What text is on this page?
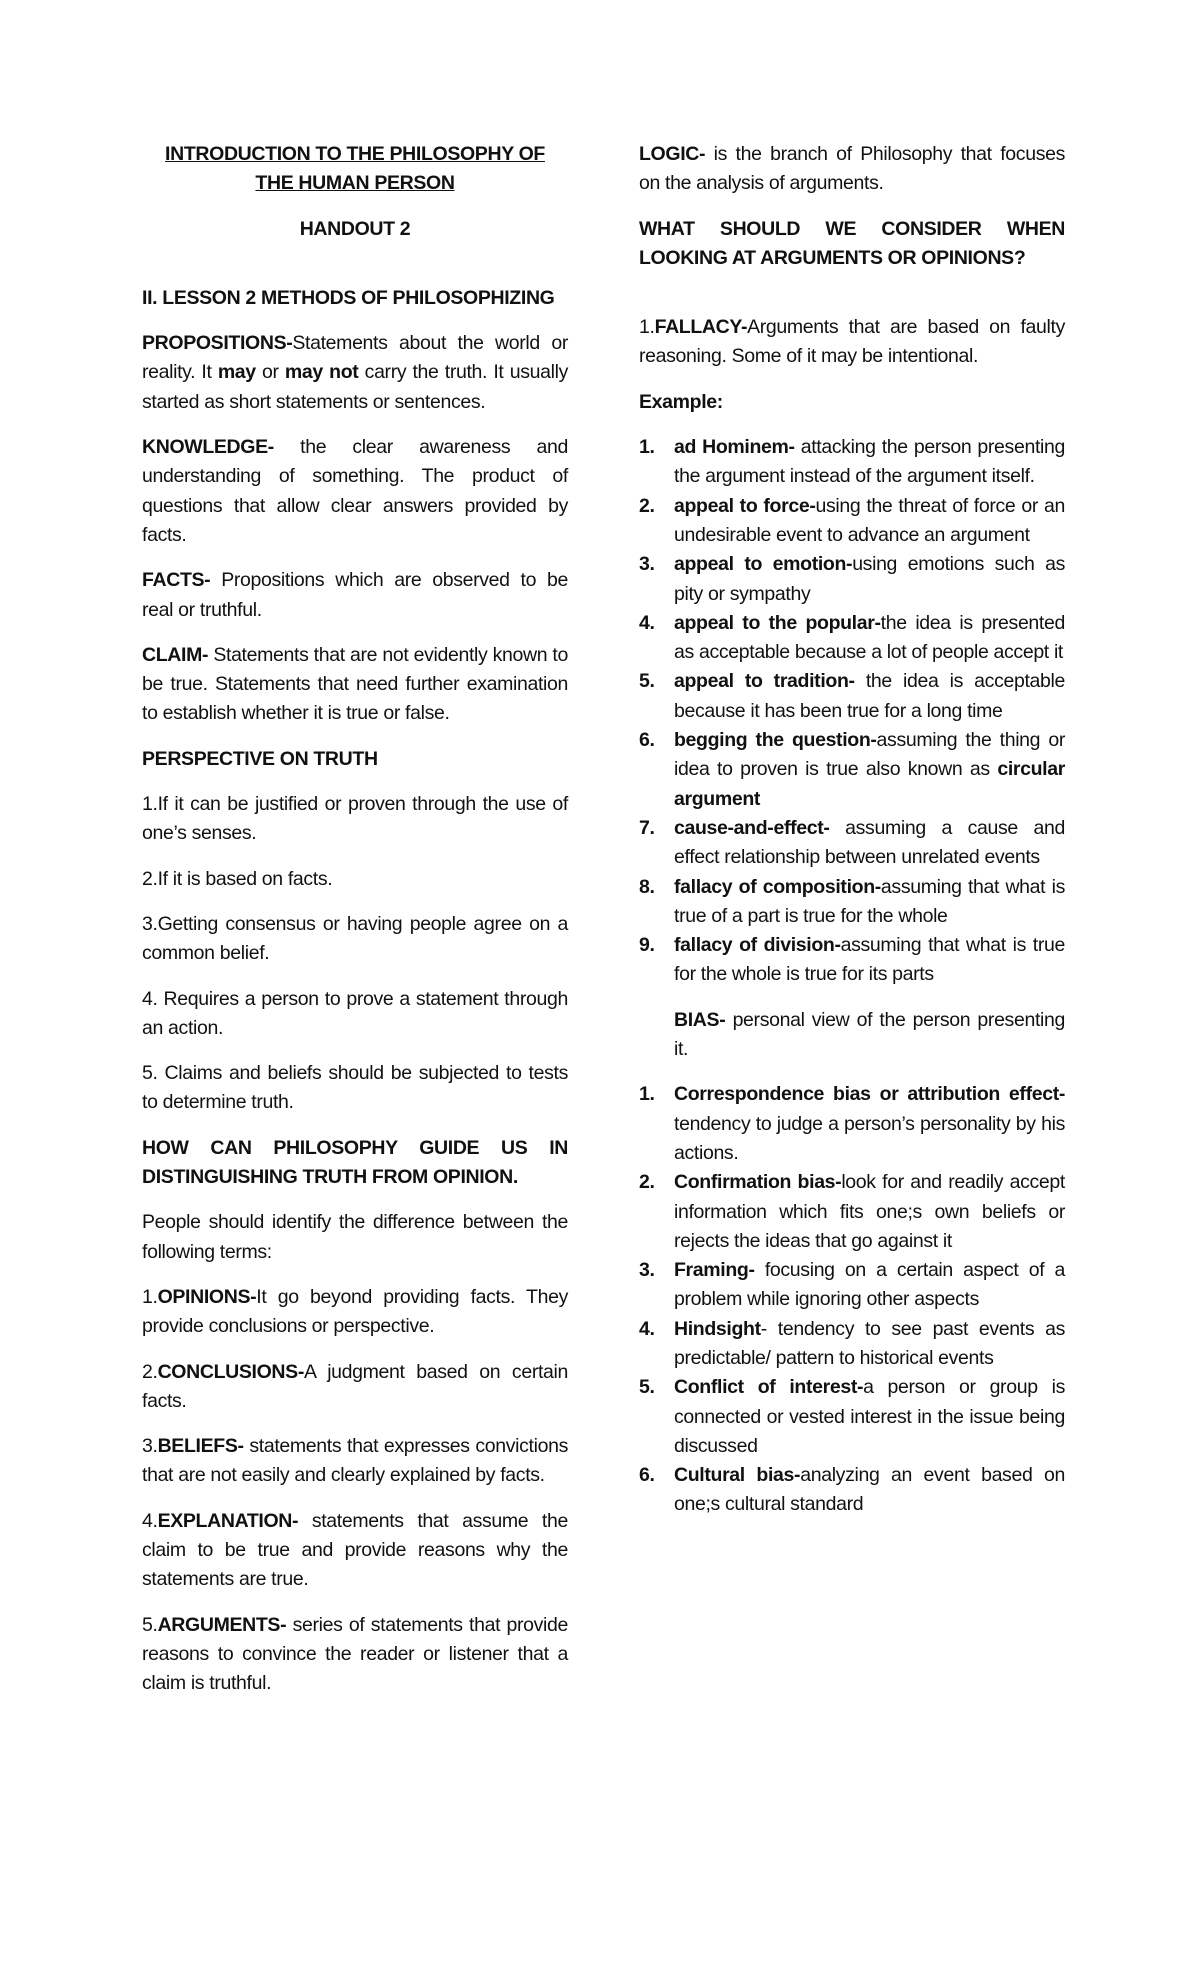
INTRODUCTION TO THE PHILOSOPHY OF
THE HUMAN PERSON

HANDOUT 2

II. LESSON 2 METHODS OF PHILOSOPHIZING

PROPOSITIONS-Statements about the world or reality. It may or may not carry the truth. It usually started as short statements or sentences.

KNOWLEDGE- the clear awareness and understanding of something. The product of questions that allow clear answers provided by facts.

FACTS- Propositions which are observed to be real or truthful.

CLAIM- Statements that are not evidently known to be true. Statements that need further examination to establish whether it is true or false.

PERSPECTIVE ON TRUTH

1.If it can be justified or proven through the use of one’s senses.

2.If it is based on facts.

3.Getting consensus or having people agree on a common belief.

4. Requires a person to prove a statement through an action.

5. Claims and beliefs should be subjected to tests to determine truth.

HOW CAN PHILOSOPHY GUIDE US IN DISTINGUISHING TRUTH FROM OPINION.

People should identify the difference between the following terms:

1.OPINIONS-It go beyond providing facts. They provide conclusions or perspective.

2.CONCLUSIONS-A judgment based on certain facts.

3.BELIEFS- statements that expresses convictions that are not easily and clearly explained by facts.

4.EXPLANATION- statements that assume the claim to be true and provide reasons why the statements are true.

5.ARGUMENTS- series of statements that provide reasons to convince the reader or listener that a claim is truthful.

LOGIC- is the branch of Philosophy that focuses on the analysis of arguments.

WHAT SHOULD WE CONSIDER WHEN LOOKING AT ARGUMENTS OR OPINIONS?

1.FALLACY-Arguments that are based on faulty reasoning. Some of it may be intentional.

Example:

1. ad Hominem- attacking the person presenting the argument instead of the argument itself.
2. appeal to force-using the threat of force or an undesirable event to advance an argument
3. appeal to emotion-using emotions such as pity or sympathy
4. appeal to the popular-the idea is presented as acceptable because a lot of people accept it
5. appeal to tradition- the idea is acceptable because it has been true for a long time
6. begging the question-assuming the thing or idea to proven is true also known as circular argument
7. cause-and-effect- assuming a cause and effect relationship between unrelated events
8. fallacy of composition-assuming that what is true of a part is true for the whole
9. fallacy of division-assuming that what is true for the whole is true for its parts

BIAS- personal view of the person presenting it.

1. Correspondence bias or attribution effect- tendency to judge a person’s personality by his actions.
2. Confirmation bias-look for and readily accept information which fits one;s own beliefs or rejects the ideas that go against it
3. Framing- focusing on a certain aspect of a problem while ignoring other aspects
4. Hindsight- tendency to see past events as predictable/ pattern to historical events
5. Conflict of interest-a person or group is connected or vested interest in the issue being discussed
6. Cultural bias-analyzing an event based on one;s cultural standard
